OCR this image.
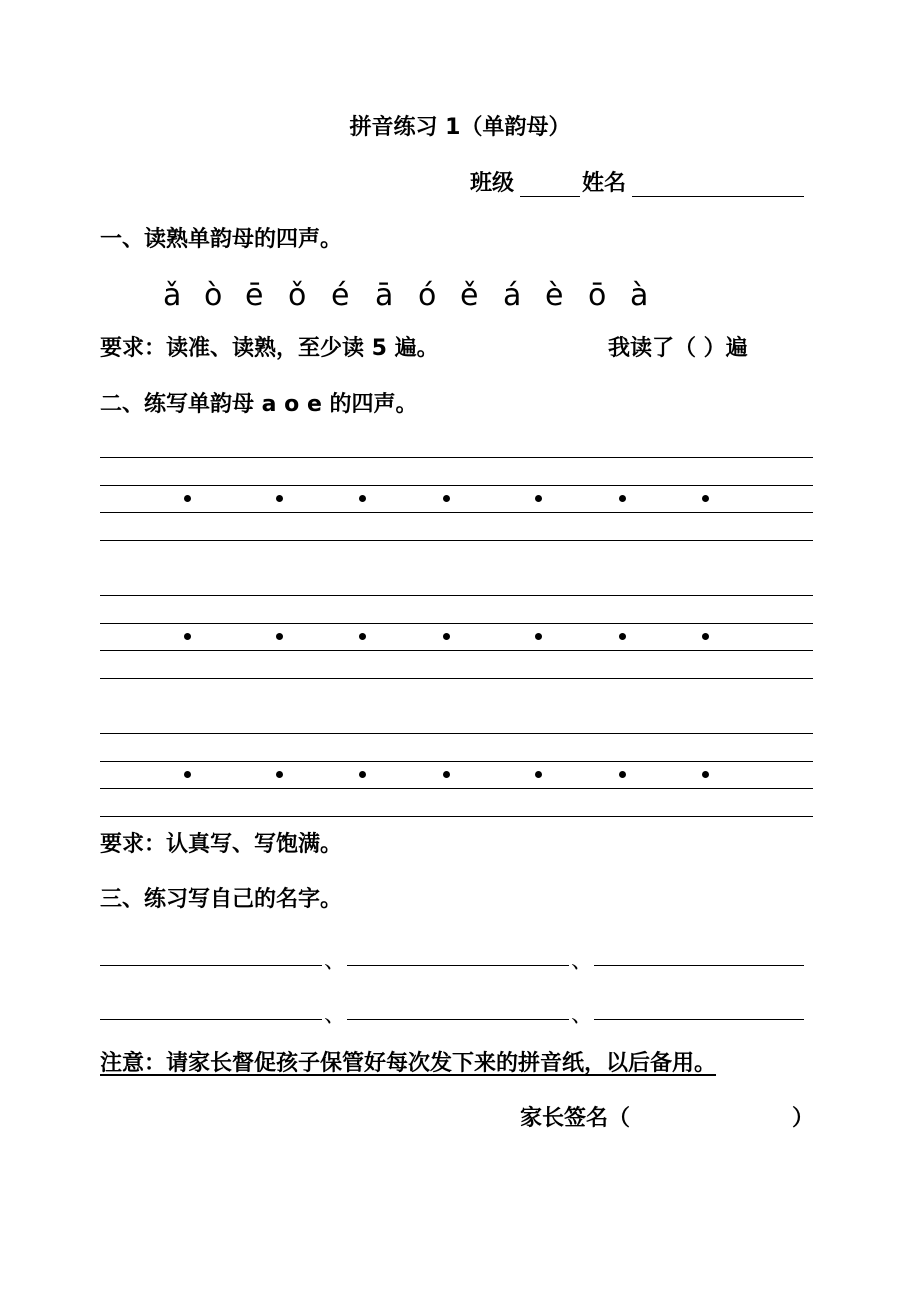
拼音练习 1（单韵母）
班级	姓名
一、读熟单韵母的四声。
ǎ ò ē ǒ é ā ó ě á è ō à
要求：读准、读熟，至少读 5 遍。	我读了（ ）遍
二、练写单韵母 a o e 的四声。
要求：认真写、写饱满。
三、练习写自己的名字。
、	、
、	、
注意：请家长督促孩子保管好每次发下来的拼音纸，以后备用。
家长签名（	）
